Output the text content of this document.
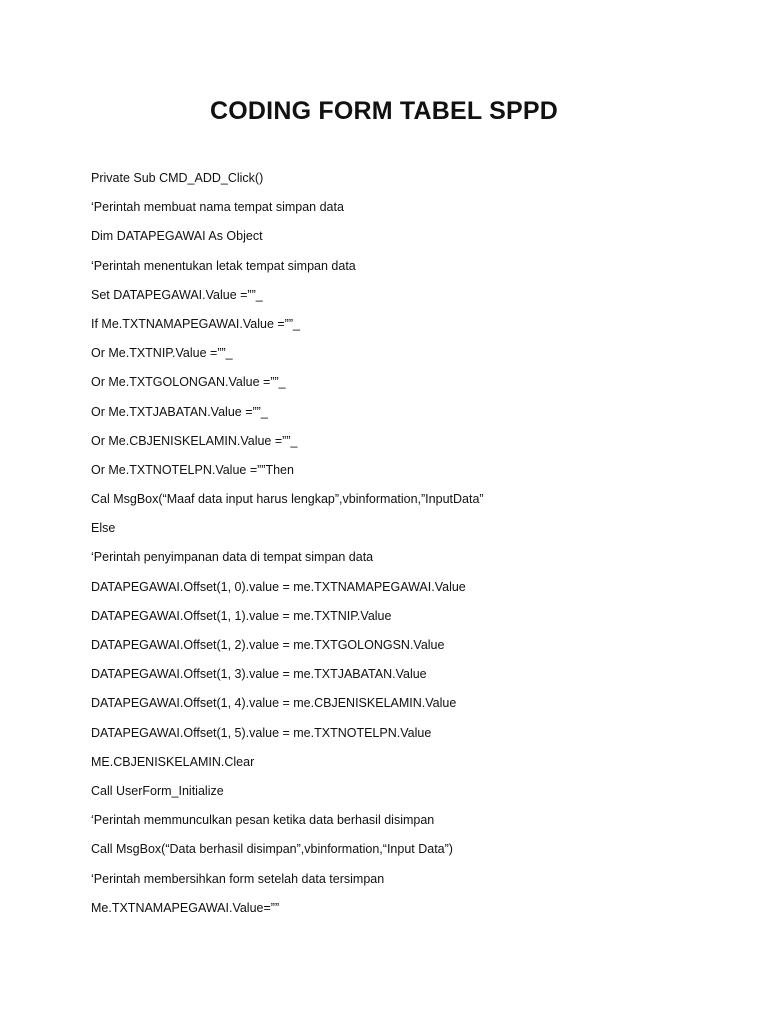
CODING FORM TABEL SPPD
Private Sub CMD_ADD_Click()
‘Perintah membuat nama tempat simpan data
Dim DATAPEGAWAI As Object
‘Perintah menentukan letak tempat simpan data
Set DATAPEGAWAI.Value =””_
If Me.TXTNAMAPEGAWAI.Value =””_
Or Me.TXTNIP.Value =””_
Or Me.TXTGOLONGAN.Value =””_
Or Me.TXTJABATAN.Value =””_
Or Me.CBJENISKELAMIN.Value =””_
Or Me.TXTNOTELPN.Value =””Then
Cal MsgBox(“Maaf data input harus lengkap”,vbinformation,”InputData”
Else
‘Perintah penyimpanan data di tempat simpan data
DATAPEGAWAI.Offset(1, 0).value = me.TXTNAMAPEGAWAI.Value
DATAPEGAWAI.Offset(1, 1).value = me.TXTNIP.Value
DATAPEGAWAI.Offset(1, 2).value = me.TXTGOLONGSN.Value
DATAPEGAWAI.Offset(1, 3).value = me.TXTJABATAN.Value
DATAPEGAWAI.Offset(1, 4).value = me.CBJENISKELAMIN.Value
DATAPEGAWAI.Offset(1, 5).value = me.TXTNOTELPN.Value
ME.CBJENISKELAMIN.Clear
Call UserForm_Initialize
‘Perintah memmunculkan pesan ketika data berhasil disimpan
Call MsgBox(“Data berhasil disimpan”,vbinformation,“Input Data”)
‘Perintah membersihkan form setelah data tersimpan
Me.TXTNAMAPEGAWAI.Value=””
